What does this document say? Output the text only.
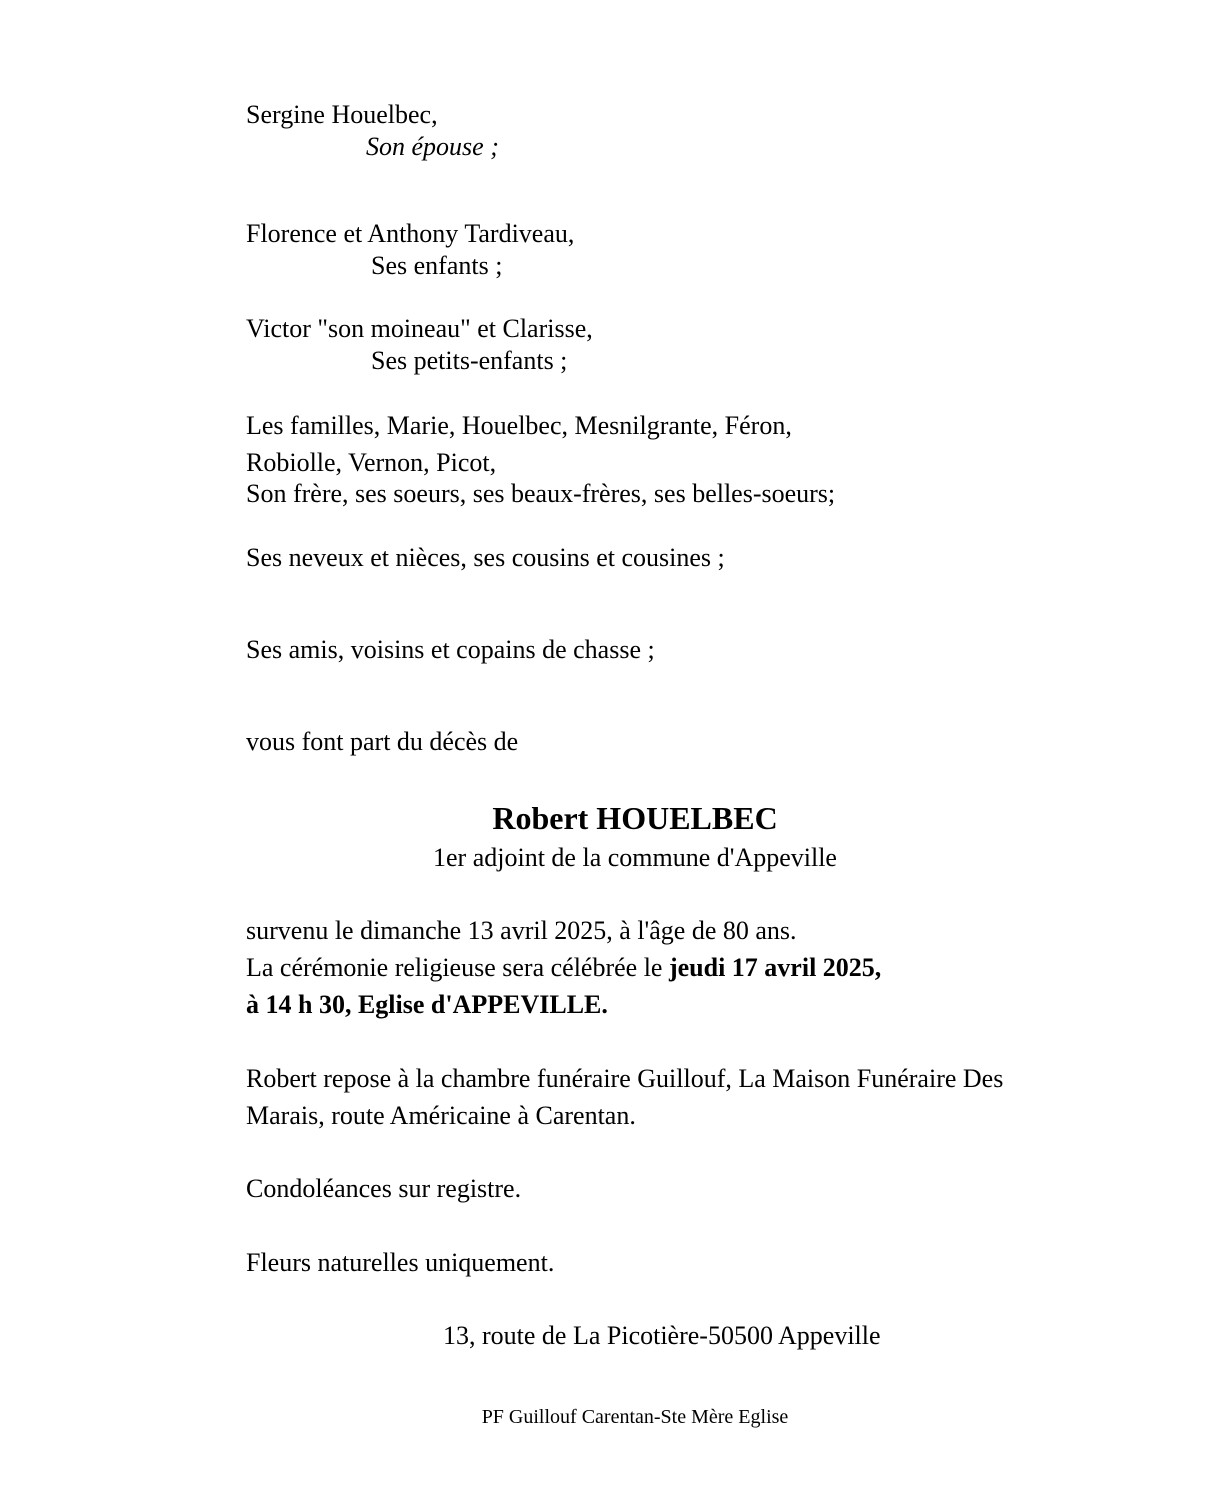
Sergine Houelbec,
Son épouse ;
Florence et Anthony Tardiveau,
Ses enfants ;
Victor "son moineau" et Clarisse,
Ses petits-enfants ;
Les familles, Marie, Houelbec, Mesnilgrante, Féron,
Robiolle, Vernon, Picot,
Son frère, ses soeurs, ses beaux-frères, ses belles-soeurs;
Ses neveux et nièces, ses cousins et cousines ;
Ses amis, voisins et copains de chasse ;
vous font part du décès de
Robert HOUELBEC
1er adjoint de la commune d'Appeville
survenu le dimanche 13 avril 2025, à l'âge de 80 ans.
La cérémonie religieuse sera célébrée le jeudi 17 avril 2025,
à 14 h 30, Eglise d'APPEVILLE.
Robert repose à la chambre funéraire Guillouf, La Maison Funéraire Des
Marais, route Américaine à Carentan.
Condoléances sur registre.
Fleurs naturelles uniquement.
13, route de La Picotière-50500 Appeville
PF Guillouf Carentan-Ste Mère Eglise
